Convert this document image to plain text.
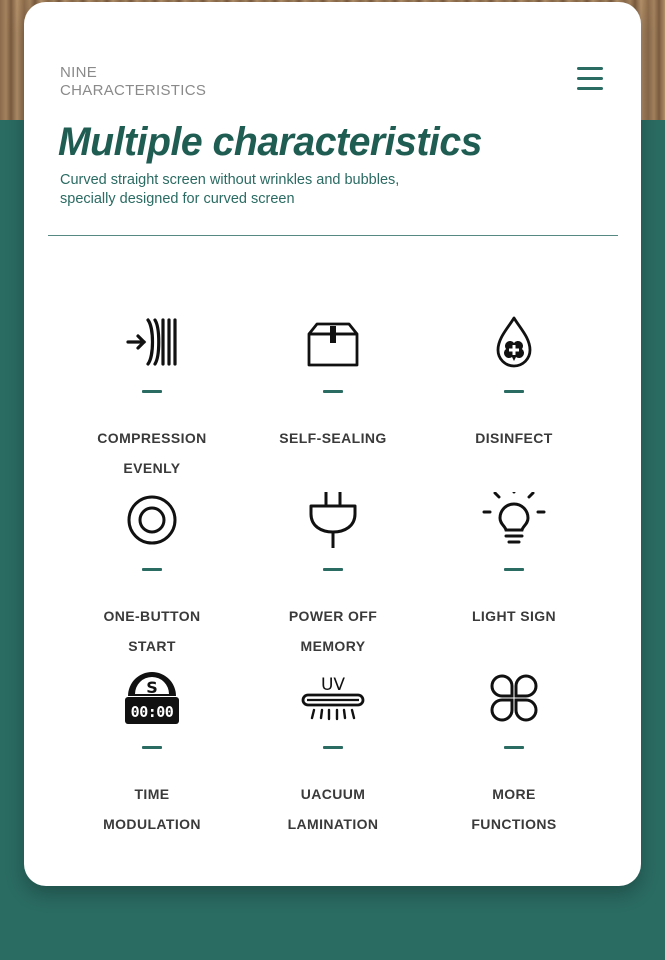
NINE
CHARACTERISTICS
Multiple characteristics
Curved straight screen without wrinkles and bubbles,
specially designed for curved screen

COMPRESSION

EVENLY

SELF-SEALING	DISINFECT

ONE-BUTTON

START

POWER OFF

MEMORY

LIGHT SIGN

S
00:00

TIME

MODULATION

UV

UACUUM

LAMINATION

MORE

FUNCTIONS
